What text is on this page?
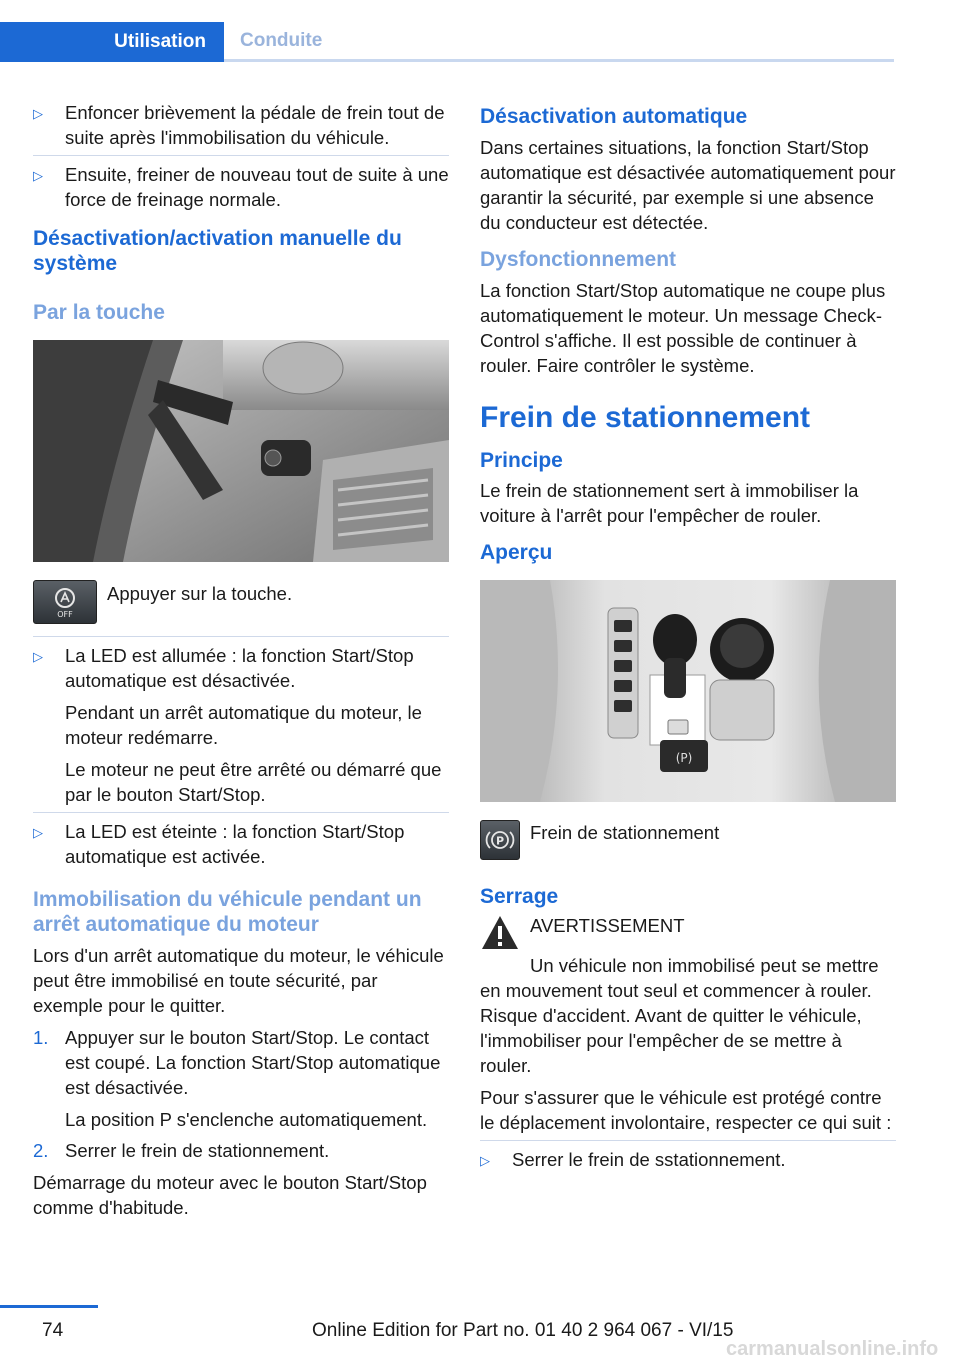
Utilisation	Conduite
▷	Enfoncer brièvement la pédale de frein tout de suite après l'immobilisation du véhicule.
▷	Ensuite, freiner de nouveau tout de suite à une force de freinage normale.
Désactivation/activation manuelle du système
Par la touche
OFF
Appuyer sur la touche.
▷	La LED est allumée : la fonction Start/Stop automatique est désactivée.
Pendant un arrêt automatique du moteur, le moteur redémarre.
Le moteur ne peut être arrêté ou démarré que par le bouton Start/Stop.
▷	La LED est éteinte : la fonction Start/Stop automatique est activée.
Immobilisation du véhicule pendant un arrêt automatique du moteur
Lors d'un arrêt automatique du moteur, le véhicule peut être immobilisé en toute sécurité, par exemple pour le quitter.
1. Appuyer sur le bouton Start/Stop. Le contact est coupé. La fonction Start/Stop automatique est désactivée.
La position P s'enclenche automatiquement.
2. Serrer le frein de stationnement.
Démarrage du moteur avec le bouton Start/Stop comme d'habitude.
Désactivation automatique
Dans certaines situations, la fonction Start/Stop automatique est désactivée automatiquement pour garantir la sécurité, par exemple si une absence du conducteur est détectée.
Dysfonctionnement
La fonction Start/Stop automatique ne coupe plus automatiquement le moteur. Un message Check-Control s'affiche. Il est possible de continuer à rouler. Faire contrôler le système.
Frein de stationnement
Principe
Le frein de stationnement sert à immobiliser la voiture à l'arrêt pour l'empêcher de rouler.
Aperçu
(P)
P Frein de stationnement
Serrage
AVERTISSEMENT
Un véhicule non immobilisé peut se mettre en mouvement tout seul et commencer à rouler. Risque d'accident. Avant de quitter le véhicule, l'immobiliser pour l'empêcher de se mettre à rouler.
Pour s'assurer que le véhicule est protégé contre le déplacement involontaire, respecter ce qui suit :
▷	Serrer le frein de sstationnement.
74	Online Edition for Part no. 01 40 2 964 067 - VI/15
carmanualsonline.info
